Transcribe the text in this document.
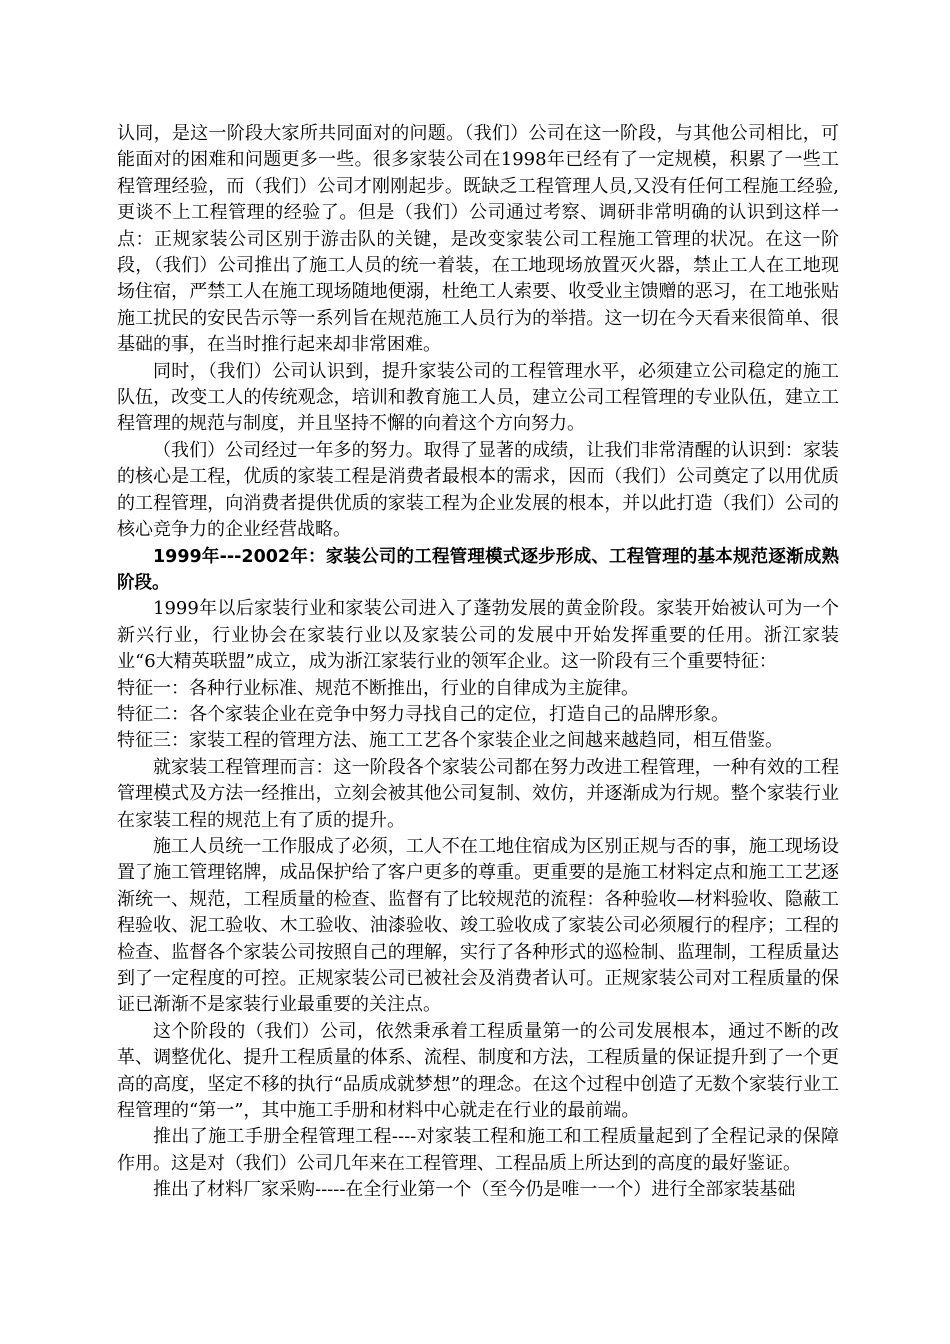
认同，是这一阶段大家所共同面对的问题。（我们）公司在这一阶段，与其他公司相比，可能面对的困难和问题更多一些。很多家装公司在1998年已经有了一定规模，积累了一些工程管理经验，而（我们）公司才刚刚起步。既缺乏工程管理人员,又没有任何工程施工经验,更谈不上工程管理的经验了。但是（我们）公司通过考察、调研非常明确的认识到这样一点：正规家装公司区别于游击队的关键，是改变家装公司工程施工管理的状况。在这一阶段，（我们）公司推出了施工人员的统一着装，在工地现场放置灭火器，禁止工人在工地现场住宿，严禁工人在施工现场随地便溺，杜绝工人索要、收受业主馈赠的恶习，在工地张贴施工扰民的安民告示等一系列旨在规范施工人员行为的举措。这一切在今天看来很简单、很基础的事，在当时推行起来却非常困难。

同时，（我们）公司认识到，提升家装公司的工程管理水平，必须建立公司稳定的施工队伍，改变工人的传统观念，培训和教育施工人员，建立公司工程管理的专业队伍，建立工程管理的规范与制度，并且坚持不懈的向着这个方向努力。

（我们）公司经过一年多的努力。取得了显著的成绩，让我们非常清醒的认识到：家装的核心是工程，优质的家装工程是消费者最根本的需求，因而（我们）公司奠定了以用优质的工程管理，向消费者提供优质的家装工程为企业发展的根本，并以此打造（我们）公司的核心竞争力的企业经营战略。

1999年---2002年：家装公司的工程管理模式逐步形成、工程管理的基本规范逐渐成熟阶段。

1999年以后家装行业和家装公司进入了蓬勃发展的黄金阶段。家装开始被认可为一个新兴行业，行业协会在家装行业以及家装公司的发展中开始发挥重要的任用。浙江家装业“6大精英联盟”成立，成为浙江家装行业的领军企业。这一阶段有三个重要特征：

特征一：各种行业标准、规范不断推出，行业的自律成为主旋律。

特征二：各个家装企业在竞争中努力寻找自己的定位，打造自己的品牌形象。

特征三：家装工程的管理方法、施工工艺各个家装企业之间越来越趋同，相互借鉴。

就家装工程管理而言：这一阶段各个家装公司都在努力改进工程管理，一种有效的工程管理模式及方法一经推出，立刻会被其他公司复制、效仿，并逐渐成为行规。整个家装行业在家装工程的规范上有了质的提升。

施工人员统一工作服成了必须，工人不在工地住宿成为区别正规与否的事，施工现场设置了施工管理铭牌，成品保护给了客户更多的尊重。更重要的是施工材料定点和施工工艺逐渐统一、规范，工程质量的检查、监督有了比较规范的流程：各种验收—材料验收、隐蔽工程验收、泥工验收、木工验收、油漆验收、竣工验收成了家装公司必须履行的程序；工程的检查、监督各个家装公司按照自己的理解，实行了各种形式的巡检制、监理制，工程质量达到了一定程度的可控。正规家装公司已被社会及消费者认可。正规家装公司对工程质量的保证已渐渐不是家装行业最重要的关注点。

这个阶段的（我们）公司，依然秉承着工程质量第一的公司发展根本，通过不断的改革、调整优化、提升工程质量的体系、流程、制度和方法，工程质量的保证提升到了一个更高的高度，坚定不移的执行“品质成就梦想”的理念。在这个过程中创造了无数个家装行业工程管理的“第一”，其中施工手册和材料中心就走在行业的最前端。

推出了施工手册全程管理工程----对家装工程和施工和工程质量起到了全程记录的保障作用。这是对（我们）公司几年来在工程管理、工程品质上所达到的高度的最好鉴证。

推出了材料厂家采购-----在全行业第一个（至今仍是唯一一个）进行全部家装基础
